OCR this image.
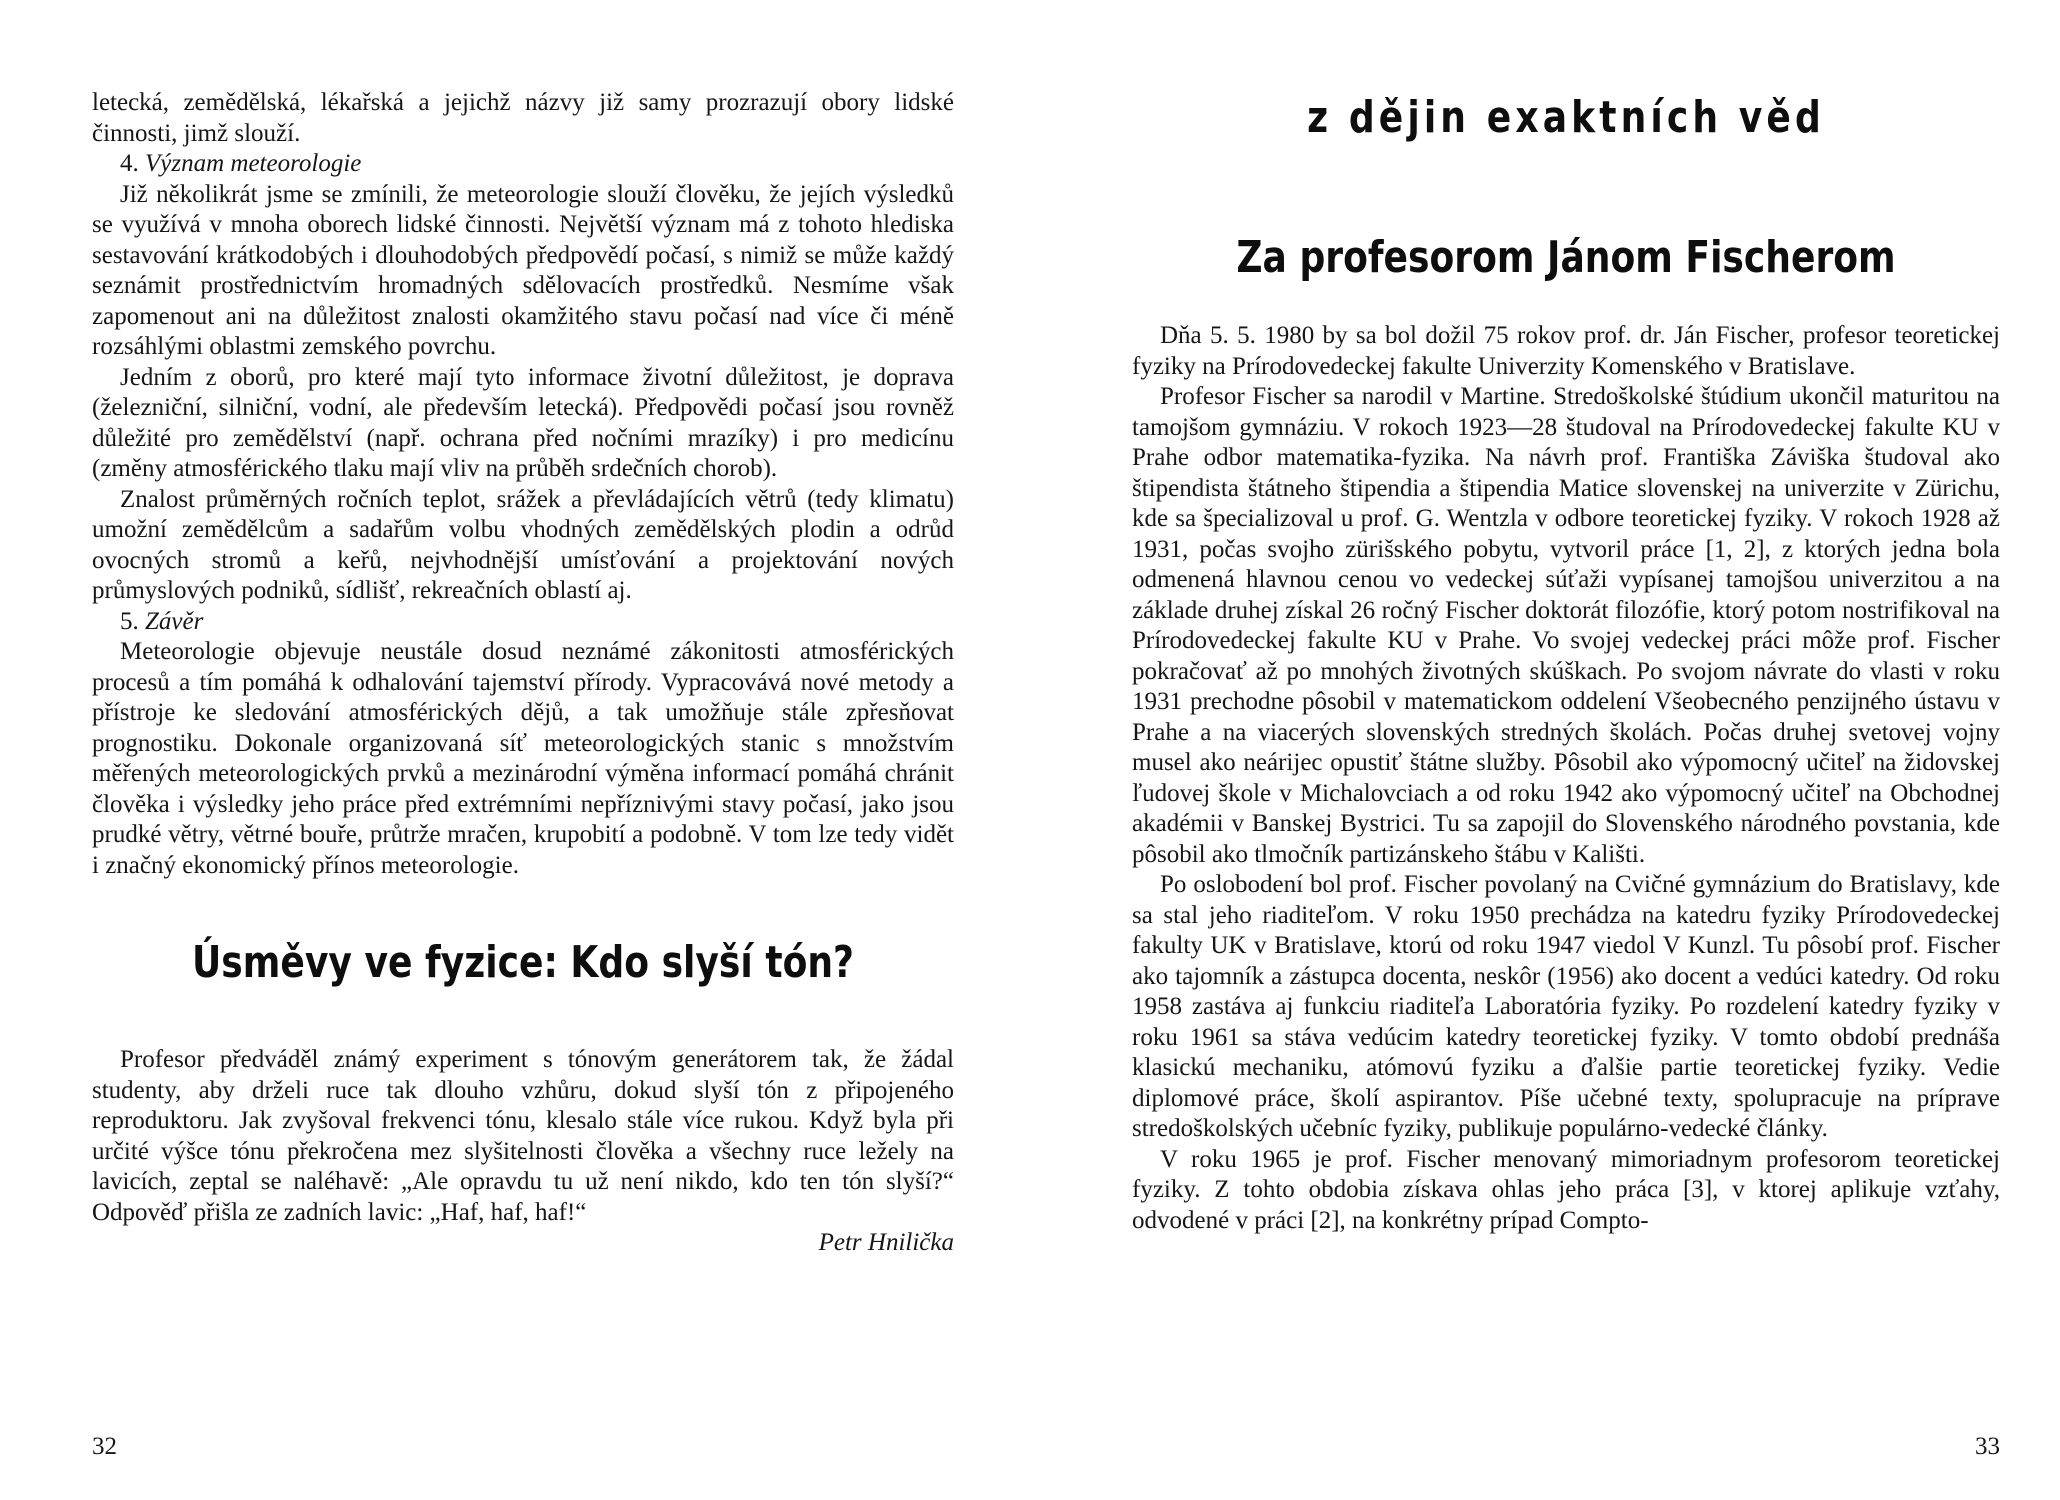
letecká, zemědělská, lékařská a jejichž názvy již samy prozrazují obory lidské činnosti, jimž slouží.

4. Význam meteorologie

Již několikrát jsme se zmínili, že meteorologie slouží člověku, že jejích výsledků se využívá v mnoha oborech lidské činnosti. Největší význam má z tohoto hlediska sestavování krátkodobých i dlouhodobých předpovědí počasí, s nimiž se může každý seznámit prostřednictvím hromadných sdělovacích prostředků. Nesmíme však zapomenout ani na důležitost znalosti okamžitého stavu počasí nad více či méně rozsáhlými oblastmi zemského povrchu.

Jedním z oborů, pro které mají tyto informace životní důležitost, je doprava (železniční, silniční, vodní, ale především letecká). Předpovědi počasí jsou rovněž důležité pro zemědělství (např. ochrana před nočními mrazíky) i pro medicínu (změny atmosférického tlaku mají vliv na průběh srdečních chorob).

Znalost průměrných ročních teplot, srážek a převládajících větrů (tedy klimatu) umožní zemědělcům a sadařům volbu vhodných zemědělských plodin a odrůd ovocných stromů a keřů, nejvhodnější umísťování a projektování nových průmyslových podniků, sídlišť, rekreačních oblastí aj.

5. Závěr

Meteorologie objevuje neustále dosud neznámé zákonitosti atmosférických procesů a tím pomáhá k odhalování tajemství přírody. Vypracovává nové metody a přístroje ke sledování atmosférických dějů, a tak umožňuje stále zpřesňovat prognostiku. Dokonale organizovaná síť meteorologických stanic s množstvím měřených meteorologických prvků a mezinárodní výměna informací pomáhá chránit člověka i výsledky jeho práce před extrémními nepříznivými stavy počasí, jako jsou prudké větry, větrné bouře, průtrže mračen, krupobití a podobně. V tom lze tedy vidět i značný ekonomický přínos meteorologie.

Úsměvy ve fyzice: Kdo slyší tón?

Profesor předváděl známý experiment s tónovým generátorem tak, že žádal studenty, aby drželi ruce tak dlouho vzhůru, dokud slyší tón z připojeného reproduktoru. Jak zvyšoval frekvenci tónu, klesalo stále více rukou. Když byla při určité výšce tónu překročena mez slyšitelnosti člověka a všechny ruce ležely na lavicích, zeptal se naléhavě: „Ale opravdu tu už není nikdo, kdo ten tón slyší?“ Odpověď přišla ze zadních lavic: „Haf, haf, haf!“

Petr Hnilička

32
z dějin exaktních věd
Za profesorom Jánom Fischerom

Dňa 5. 5. 1980 by sa bol dožil 75 rokov prof. dr. Ján Fischer, profesor teoretickej fyziky na Prírodovedeckej fakulte Univerzity Komenského v Bratislave.

Profesor Fischer sa narodil v Martine. Stredoškolské štúdium ukončil maturitou na tamojšom gymnáziu. V rokoch 1923—28 študoval na Prírodovedeckej fakulte KU v Prahe odbor matematika-fyzika. Na návrh prof. Františka Záviška študoval ako štipendista štátneho štipendia a štipendia Matice slovenskej na univerzite v Zürichu, kde sa špecializoval u prof. G. Wentzla v odbore teoretickej fyziky. V rokoch 1928 až 1931, počas svojho zürišského pobytu, vytvoril práce [1, 2], z ktorých jedna bola odmenená hlavnou cenou vo vedeckej súťaži vypísanej tamojšou univerzitou a na základe druhej získal 26 ročný Fischer doktorát filozófie, ktorý potom nostrifikoval na Prírodovedeckej fakulte KU v Prahe. Vo svojej vedeckej práci môže prof. Fischer pokračovať až po mnohých životných skúškach. Po svojom návrate do vlasti v roku 1931 prechodne pôsobil v matematickom oddelení Všeobecného penzijného ústavu v Prahe a na viacerých slovenských stredných školách. Počas druhej svetovej vojny musel ako neárijec opustiť štátne služby. Pôsobil ako výpomocný učiteľ na židovskej ľudovej škole v Michalovciach a od roku 1942 ako výpomocný učiteľ na Obchodnej akadémii v Banskej Bystrici. Tu sa zapojil do Slovenského národného povstania, kde pôsobil ako tlmočník partizánskeho štábu v Kališti.

Po oslobodení bol prof. Fischer povolaný na Cvičné gymnázium do Bratislavy, kde sa stal jeho riaditeľom. V roku 1950 prechádza na katedru fyziky Prírodovedeckej fakulty UK v Bratislave, ktorú od roku 1947 viedol V Kunzl. Tu pôsobí prof. Fischer ako tajomník a zástupca docenta, neskôr (1956) ako docent a vedúci katedry. Od roku 1958 zastáva aj funkciu riaditeľa Laboratória fyziky. Po rozdelení katedry fyziky v roku 1961 sa stáva vedúcim katedry teoretickej fyziky. V tomto období prednáša klasickú mechaniku, atómovú fyziku a ďalšie partie teoretickej fyziky. Vedie diplomové práce, školí aspirantov. Píše učebné texty, spolupracuje na príprave stredoškolských učebníc fyziky, publikuje populárno-vedecké články.

V roku 1965 je prof. Fischer menovaný mimoriadnym profesorom teoretickej fyziky. Z tohto obdobia získava ohlas jeho práca [3], v ktorej aplikuje vzťahy, odvodené v práci [2], na konkrétny prípad Compto-

33
